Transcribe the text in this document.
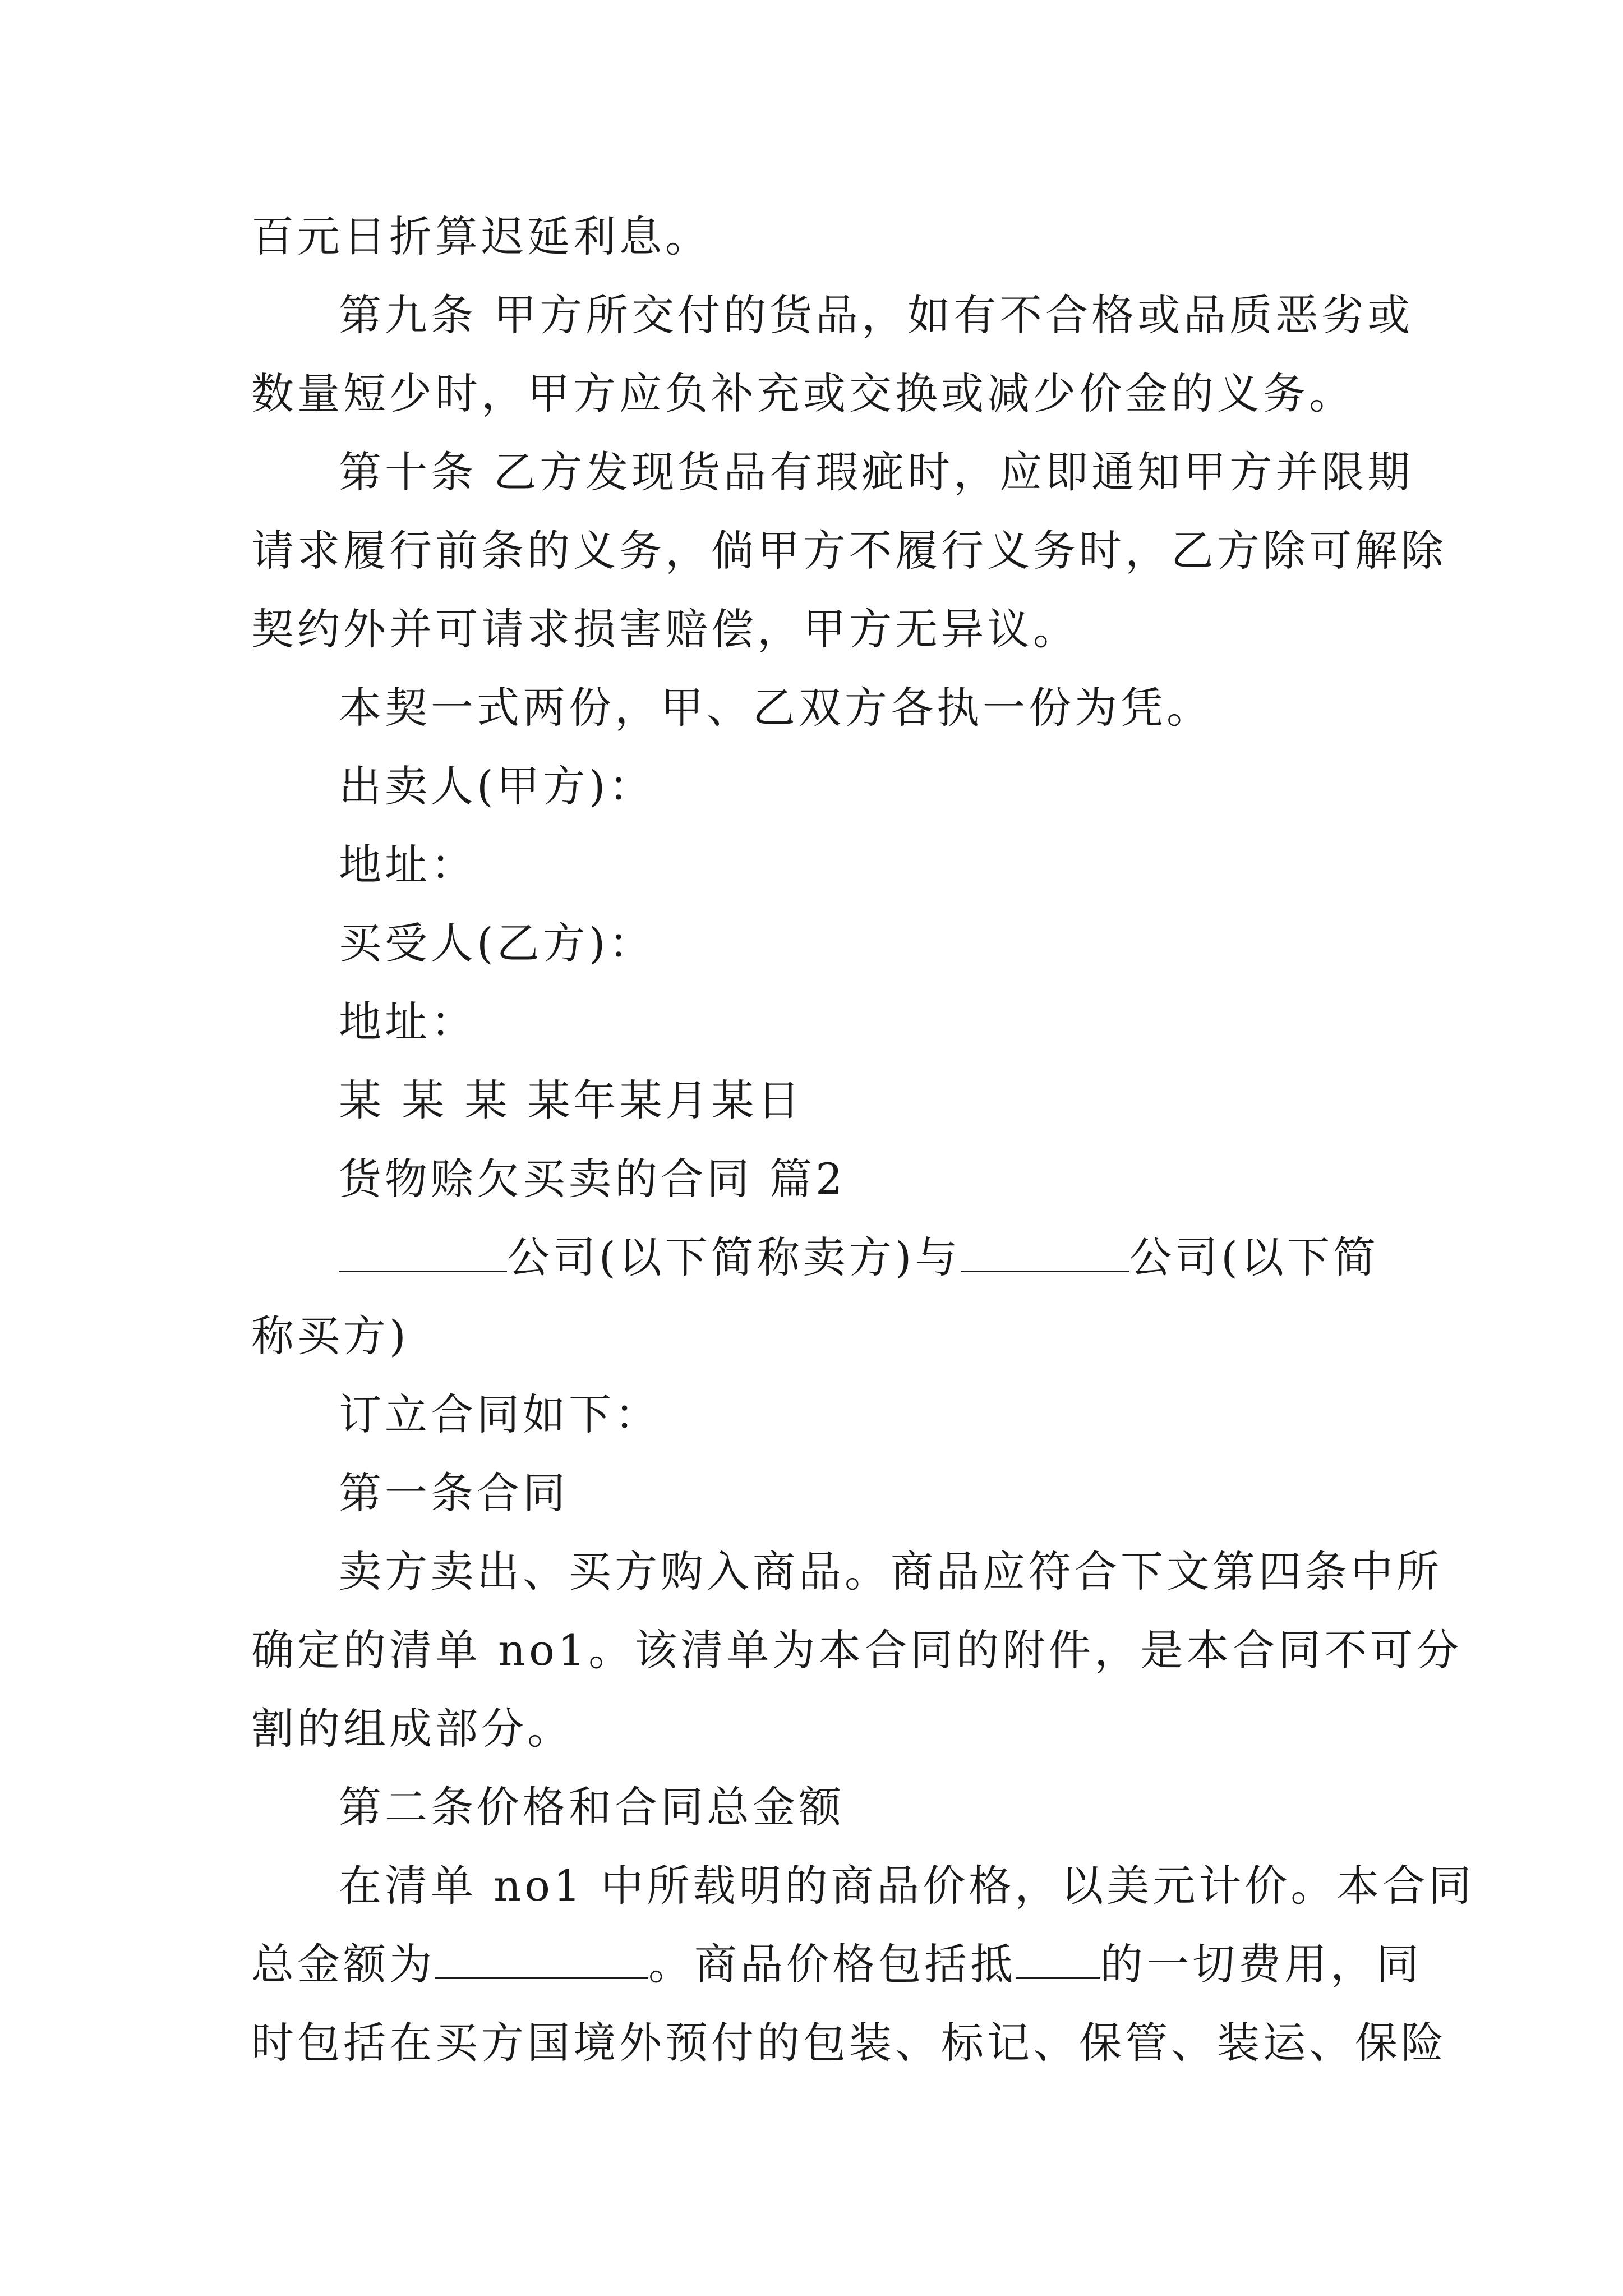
百元日折算迟延利息。
第九条 甲方所交付的货品，如有不合格或品质恶劣或
数量短少时，甲方应负补充或交换或减少价金的义务。
第十条 乙方发现货品有瑕疵时，应即通知甲方并限期
请求履行前条的义务，倘甲方不履行义务时，乙方除可解除
契约外并可请求损害赔偿，甲方无异议。
本契一式两份，甲、乙双方各执一份为凭。
出卖人(甲方)：
地址：
买受人(乙方)：
地址：
某 某 某 某年某月某日
货物赊欠买卖的合同 篇2
公司(以下简称卖方)与	公司(以下简
称买方)
订立合同如下：
第一条合同
卖方卖出、买方购入商品。商品应符合下文第四条中所
确定的清单 no1。该清单为本合同的附件，是本合同不可分
割的组成部分。
第二条价格和合同总金额
在清单 no1 中所载明的商品价格，以美元计价。本合同
总金额为	。商品价格包括抵 的一切费用，同
时包括在买方国境外预付的包装、标记、保管、装运、保险
